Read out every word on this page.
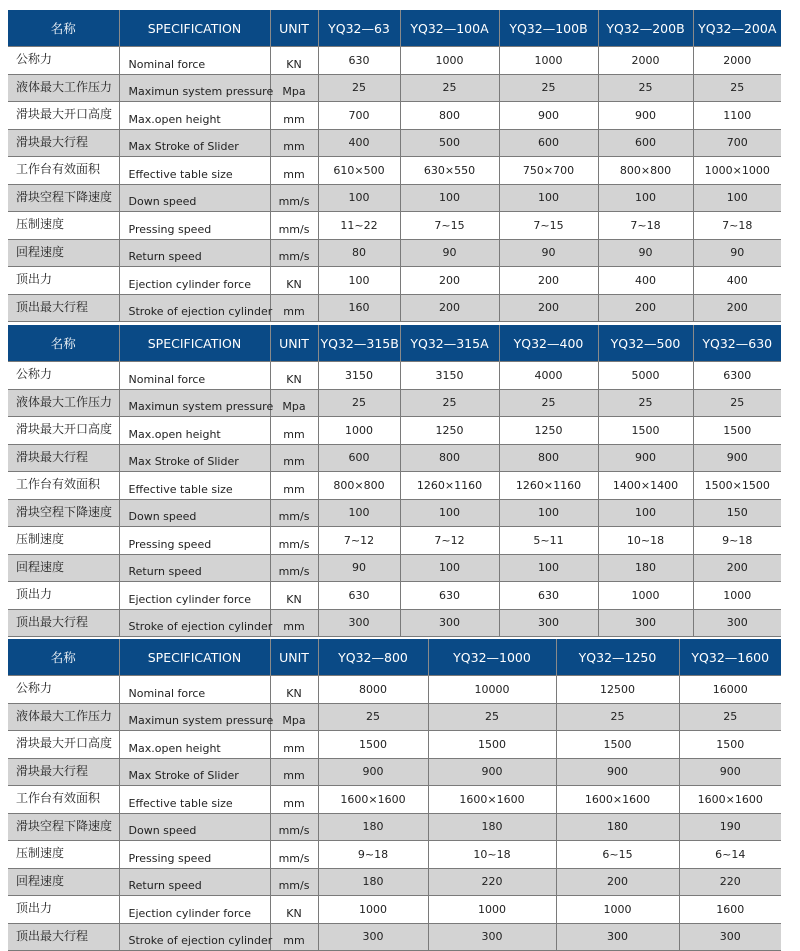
名称	SPECIFICATION	UNIT	YQ32—63	YQ32—100A	YQ32—100B	YQ32—200B	YQ32—200A
公称力	Nominal force	KN	630	1000	1000	2000	2000
液体最大工作压力	Maximun system pressure	Mpa	25	25	25	25	25
滑块最大开口高度	Max.open height	mm	700	800	900	900	1100
滑块最大行程	Max Stroke of Slider	mm	400	500	600	600	700
工作台有效面积	Effective table size	mm	610×500	630×550	750×700	800×800	1000×1000
滑块空程下降速度	Down speed	mm/s	100	100	100	100	100
压制速度	Pressing speed	mm/s	11~22	7~15	7~15	7~18	7~18
回程速度	Return speed	mm/s	80	90	90	90	90
顶出力	Ejection cylinder force	KN	100	200	200	400	400
顶出最大行程	Stroke of ejection cylinder	mm	160	200	200	200	200
名称	SPECIFICATION	UNIT	YQ32—315B	YQ32—315A	YQ32—400	YQ32—500	YQ32—630
公称力	Nominal force	KN	3150	3150	4000	5000	6300
液体最大工作压力	Maximun system pressure	Mpa	25	25	25	25	25
滑块最大开口高度	Max.open height	mm	1000	1250	1250	1500	1500
滑块最大行程	Max Stroke of Slider	mm	600	800	800	900	900
工作台有效面积	Effective table size	mm	800×800	1260×1160	1260×1160	1400×1400	1500×1500
滑块空程下降速度	Down speed	mm/s	100	100	100	100	150
压制速度	Pressing speed	mm/s	7~12	7~12	5~11	10~18	9~18
回程速度	Return speed	mm/s	90	100	100	180	200
顶出力	Ejection cylinder force	KN	630	630	630	1000	1000
顶出最大行程	Stroke of ejection cylinder	mm	300	300	300	300	300
名称	SPECIFICATION	UNIT	YQ32—800	YQ32—1000	YQ32—1250	YQ32—1600
公称力	Nominal force	KN	8000	10000	12500	16000
液体最大工作压力	Maximun system pressure	Mpa	25	25	25	25
滑块最大开口高度	Max.open height	mm	1500	1500	1500	1500
滑块最大行程	Max Stroke of Slider	mm	900	900	900	900
工作台有效面积	Effective table size	mm	1600×1600	1600×1600	1600×1600	1600×1600
滑块空程下降速度	Down speed	mm/s	180	180	180	190
压制速度	Pressing speed	mm/s	9~18	10~18	6~15	6~14
回程速度	Return speed	mm/s	180	220	200	220
顶出力	Ejection cylinder force	KN	1000	1000	1000	1600
顶出最大行程	Stroke of ejection cylinder	mm	300	300	300	300
